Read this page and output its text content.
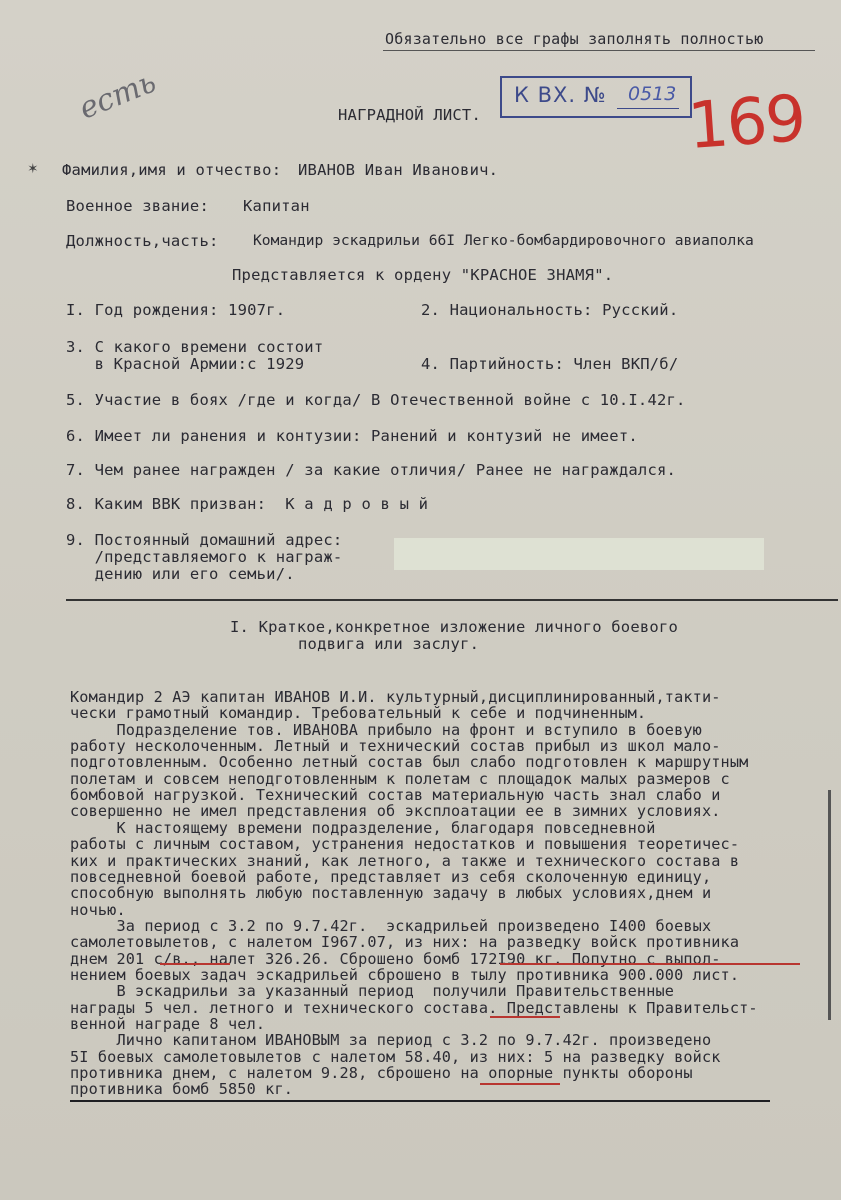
Обязательно все графы заполнять полностью
есть	К ВХ. № 0513 169
НАГРАДНОЙ ЛИСТ.
✶ Фамилия,имя и отчество: ИВАНОВ Иван Иванович.
Военное звание: Капитан
Должность,часть: Командир эскадрильи 66I Легко-бомбардировочного авиаполка
Представляется к ордену "КРАСНОЕ ЗНАМЯ".
I. Год рождения: 1907г.	2. Национальность: Русский.
3. С какого времени состоит
в Красной Армии:с 1929	4. Партийность: Член ВКП/б/
5. Участие в боях /где и когда/ В Отечественной войне с 10.I.42г.
6. Имеет ли ранения и контузии: Ранений и контузий не имеет.
7. Чем ранее награжден / за какие отличия/ Ранее не награждался.
8. Каким ВВК призван:  К а д р о в ы й
9. Постоянный домашний адрес:
/представляемого к награж-
дению или его семьи/.
I. Краткое,конкретное изложение личного боевого
подвига или заслуг.
Командир 2 АЭ капитан ИВАНОВ И.И. культурный,дисциплинированный,такти-
чески грамотный командир. Требовательный к себе и подчиненным.
Подразделение тов. ИВАНОВА прибыло на фронт и вступило в боевую
работу несколоченным. Летный и технический состав прибыл из школ мало-
подготовленным. Особенно летный состав был слабо подготовлен к маршрутным
полетам и совсем неподготовленным к полетам с площадок малых размеров с
бомбовой нагрузкой. Технический состав материальную часть знал слабо и
совершенно не имел представления об эксплоатации ее в зимних условиях.
К настоящему времени подразделение, благодаря повседневной
работы с личным составом, устранения недостатков и повышения теоретичес-
ких и практических знаний, как летного, а также и технического состава в
повседневной боевой работе, представляет из себя сколоченную единицу,
способную выполнять любую поставленную задачу в любых условиях,днем и
ночью.
За период с 3.2 по 9.7.42г.  эскадрильей произведено I400 боевых
самолетовылетов, с налетом I967.07, из них: на разведку войск противника
днем 201 с/в., налет 326.26. Сброшено бомб 172I90 кг. Попутно с выпол-
нением боевых задач эскадрильей сброшено в тылу противника 900.000 лист.
В эскадрильи за указанный период  получили Правительственные
награды 5 чел. летного и технического состава. Представлены к Правительст-
венной награде 8 чел.
Лично капитаном ИВАНОВЫМ за период с 3.2 по 9.7.42г. произведено
5I боевых самолетовылетов с налетом 58.40, из них: 5 на разведку войск
противника днем, с налетом 9.28, сброшено на опорные пункты обороны
противника бомб 5850 кг.
